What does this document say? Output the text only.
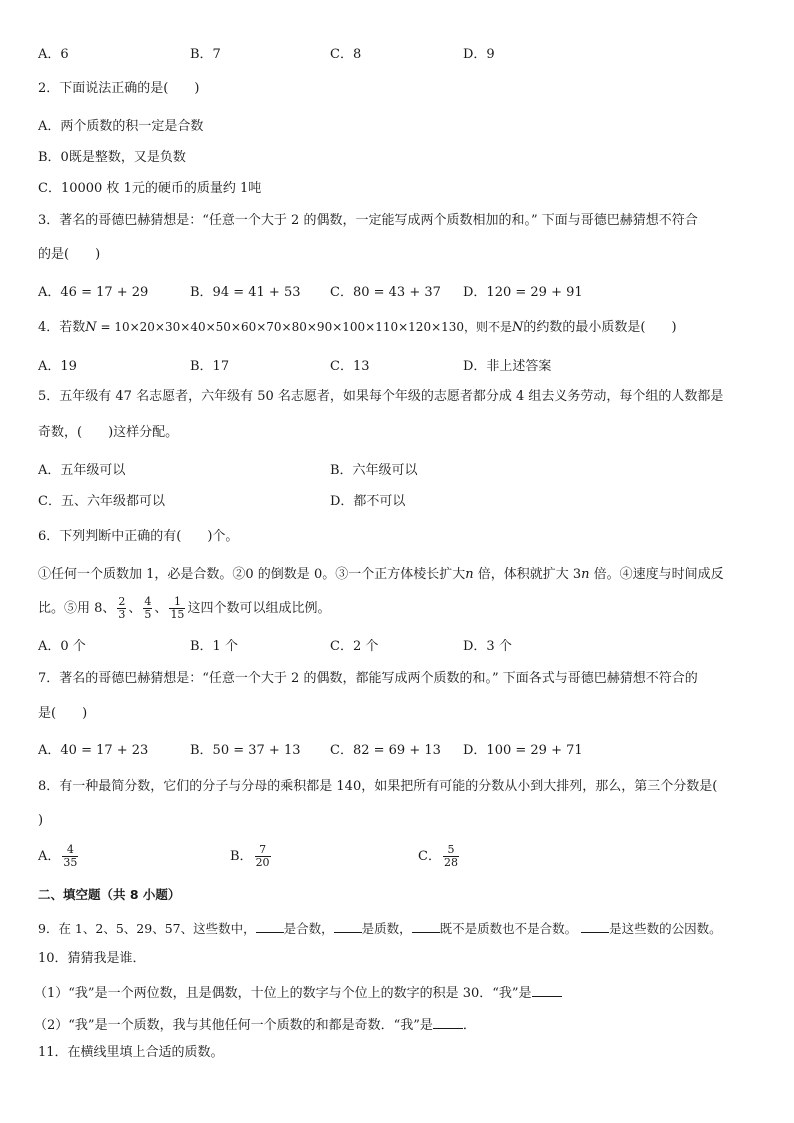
A．6	B．7	C．8	D．9
2．下面说法正确的是(　　)
A．两个质数的积一定是合数
B．0既是整数，又是负数
C．10000 枚 1元的硬币的质量约 1吨
3．著名的哥德巴赫猜想是：“任意一个大于 2 的偶数，一定能写成两个质数相加的和。” 下面与哥德巴赫猜想不符合
的是(　　)
A．46 = 17 + 29	B．94 = 41 + 53 C．80 = 43 + 37 D．120 = 29 + 91
4．若数N = 10×20×30×40×50×60×70×80×90×100×110×120×130，则不是N的约数的最小质数是(　　)
A．19	B．17	C．13	D．非上述答案
5．五年级有 47 名志愿者，六年级有 50 名志愿者，如果每个年级的志愿者都分成 4 组去义务劳动，每个组的人数都是
奇数，(　　)这样分配。
A．五年级可以	B．六年级可以
C．五、六年级都可以	D．都不可以
6．下列判断中正确的有(　　)个。
①任何一个质数加 1，必是合数。②0 的倒数是 0。③一个正方体棱长扩大n 倍，体积就扩大 3n 倍。④速度与时间成反
比。⑤用 8、 $\frac{2}{3}$ 、 $\frac{4}{5}$ 、 $\frac{1}{15}$ 这四个数可以组成比例。
A．0 个	B．1 个	C．2 个	D．3 个
7．著名的哥德巴赫猜想是：“任意一个大于 2 的偶数，都能写成两个质数的和。” 下面各式与哥德巴赫猜想不符合的
是(　　)
A．40 = 17 + 23	B．50 = 37 + 13 C．82 = 69 + 13 D．100 = 29 + 71
8．有一种最简分数，它们的分子与分母的乘积都是 140，如果把所有可能的分数从小到大排列，那么，第三个分数是(
)
A． $\frac{4}{35}$	B． $\frac{7}{20}$	C． $\frac{5}{28}$
二、填空题（共 8 小题）
9．在 1、2、5、29、57、这些数中， 是合数， 是质数， 既不是质数也不是合数。	是这些数的公因数。
10．猜猜我是谁．
（1）“我”是一个两位数，且是偶数，十位上的数字与个位上的数字的积是 30．“我”是
（2）“我”是一个质数，我与其他任何一个质数的和都是奇数．“我”是 ．
11．在横线里填上合适的质数。
